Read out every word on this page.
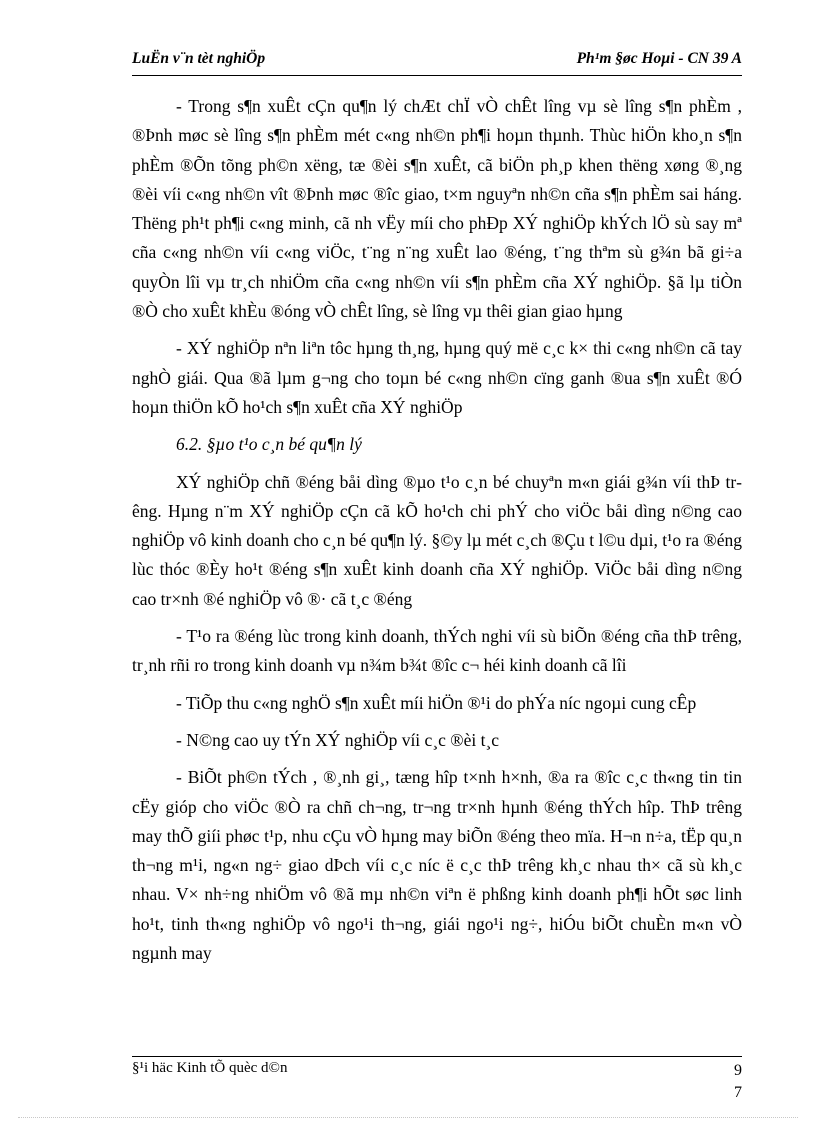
LuËn v¨n tèt nghiÖp	Ph¹m §øc Hoµi - CN 39 A

- Trong s¶n xuÊt cÇn qu¶n lý chÆt chÏ vÒ chÊt lîng vµ sè lîng s¶n phÈm , ®Þnh møc sè lîng s¶n phÈm mét c«ng nh©n ph¶i hoµn thµnh. Thùc hiÖn kho¸n s¶n phÈm ®Õn tõng ph©n xëng, tæ ®èi s¶n xuÊt, cã biÖn ph¸p khen thëng xøng ®¸ng ®èi víi c«ng nh©n vît ®Þnh møc ®îc giao, t×m nguyªn nh©n cña s¶n phÈm sai háng. Thëng ph¹t ph¶i c«ng minh, cã nh vËy míi cho phÐp XÝ nghiÖp khÝch lÖ sù say mª cña c«ng nh©n víi c«ng viÖc, t¨ng n¨ng xuÊt lao ®éng, t¨ng thªm sù g¾n bã gi÷a quyÒn lîi vµ tr¸ch nhiÖm cña c«ng nh©n víi s¶n phÈm cña XÝ nghiÖp. §ã lµ tiÒn ®Ò cho xuÊt khÈu ®óng vÒ chÊt lîng, sè lîng vµ thêi gian giao hµng

- XÝ nghiÖp nªn liªn tôc hµng th¸ng, hµng quý më c¸c k× thi c«ng nh©n cã tay nghÒ giái. Qua ®ã lµm g¬ng cho toµn bé c«ng nh©n cïng ganh ®ua s¶n xuÊt ®Ó hoµn thiÖn kÕ ho¹ch s¶n xuÊt cña XÝ nghiÖp

6.2. §µo t¹o c¸n bé qu¶n lý

XÝ nghiÖp chñ ®éng båi dìng ®µo t¹o c¸n bé chuyªn m«n giái g¾n víi thÞ trêng. Hµng n¨m XÝ nghiÖp cÇn cã kÕ ho¹ch chi phÝ cho viÖc båi dìng n©ng cao nghiÖp vô kinh doanh cho c¸n bé qu¶n lý. §©y lµ mét c¸ch ®Çu t l©u dµi, t¹o ra ®éng lùc thóc ®Èy ho¹t ®éng s¶n xuÊt kinh doanh cña XÝ nghiÖp. ViÖc båi dìng n©ng cao tr×nh ®é nghiÖp vô ®· cã t¸c ®éng

- T¹o ra ®éng lùc trong kinh doanh, thÝch nghi víi sù biÕn ®éng cña thÞ trêng, tr¸nh rñi ro trong kinh doanh vµ n¾m b¾t ®îc c¬ héi kinh doanh cã lîi

- TiÕp thu c«ng nghÖ s¶n xuÊt míi hiÖn ®¹i do phÝa níc ngoµi cung cÊp

- N©ng cao uy tÝn XÝ nghiÖp víi c¸c ®èi t¸c

- BiÕt ph©n tÝch , ®¸nh gi¸, tæng hîp t×nh h×nh, ®a ra ®îc c¸c th«ng tin tin cËy gióp cho viÖc ®Ò ra chñ ch¬ng, tr¬ng tr×nh hµnh ®éng thÝch hîp. ThÞ trêng may thÕ giíi phøc t¹p, nhu cÇu vÒ hµng may biÕn ®éng theo mïa. H¬n n÷a, tËp qu¸n th¬ng m¹i, ng«n ng÷ giao dÞch víi c¸c níc ë c¸c thÞ trêng kh¸c nhau th× cã sù kh¸c nhau. V× nh÷ng nhiÖm vô ®ã mµ nh©n viªn ë phßng kinh doanh ph¶i hÕt søc linh ho¹t, tinh th«ng nghiÖp vô ngo¹i th¬ng, giái ngo¹i ng÷, hiÓu biÕt chuÈn m«n vÒ ngµnh may

§¹i häc Kinh tÕ quèc d©n	9
7
